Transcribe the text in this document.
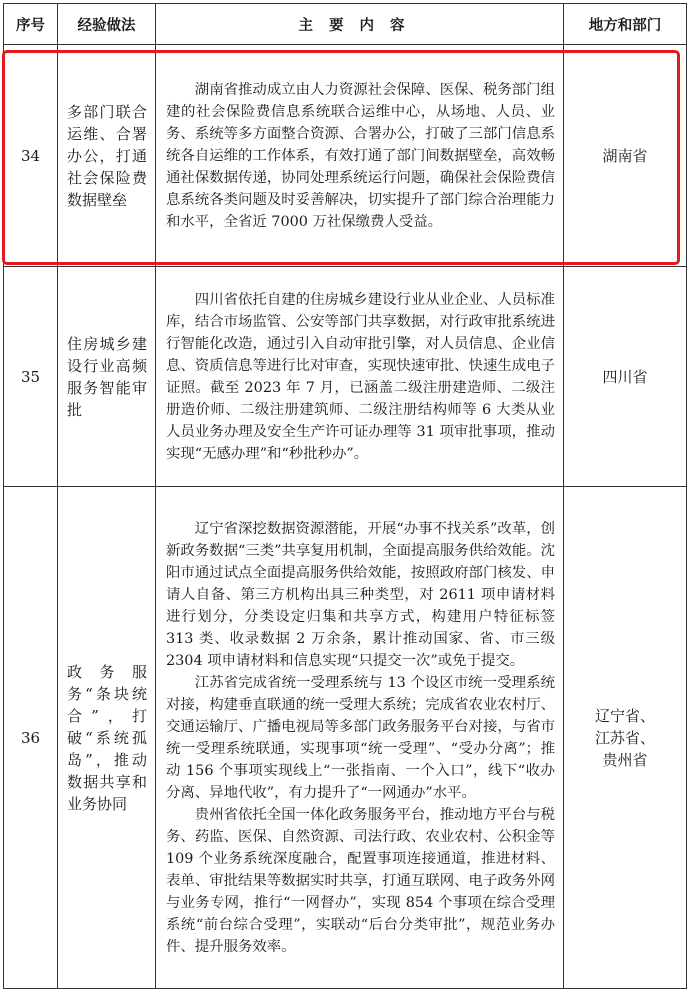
序号	经验做法	主要内容	地方和部门
34	多部门联合运维、合署办公，打通社会保险费数据壁垒	湖南省推动成立由人力资源社会保障、医保、税务部门组建的社会保险费信息系统联合运维中心，从场地、人员、业务、系统等多方面整合资源、合署办公，打破了三部门信息系统各自运维的工作体系，有效打通了部门间数据壁垒，高效畅通社保数据传递，协同处理系统运行问题，确保社会保险费信息系统各类问题及时妥善解决，切实提升了部门综合治理能力和水平，全省近 7000 万社保缴费人受益。	湖南省
35	住房城乡建设行业高频服务智能审批	四川省依托自建的住房城乡建设行业从业企业、人员标准库，结合市场监管、公安等部门共享数据，对行政审批系统进行智能化改造，通过引入自动审批引擎，对人员信息、企业信息、资质信息等进行比对审查，实现快速审批、快速生成电子证照。截至 2023 年 7 月，已涵盖二级注册建造师、二级注册造价师、二级注册建筑师、二级注册结构师等 6 大类从业人员业务办理及安全生产许可证办理等 31 项审批事项，推动实现“无感办理”和“秒批秒办”。	四川省
36	政务服务“条块统合”，打破“系统孤岛”，推动数据共享和业务协同	辽宁省深挖数据资源潜能，开展“办事不找关系”改革，创新政务数据“三类”共享复用机制，全面提高服务供给效能。沈阳市通过试点全面提高服务供给效能，按照政府部门核发、申请人自备、第三方机构出具三种类型，对 2611 项申请材料进行划分，分类设定归集和共享方式，构建用户特征标签 313 类、收录数据 2 万余条，累计推动国家、省、市三级 2304 项申请材料和信息实现“只提交一次”或免于提交。

江苏省完成省统一受理系统与 13 个设区市统一受理系统对接，构建垂直联通的统一受理大系统；完成省农业农村厅、交通运输厅、广播电视局等多部门政务服务平台对接，与省市统一受理系统联通，实现事项“统一受理”、“受办分离”；推动 156 个事项实现线上“一张指南、一个入口”，线下“收办分离、异地代收”，有力提升了“一网通办”水平。

贵州省依托全国一体化政务服务平台，推动地方平台与税务、药监、医保、自然资源、司法行政、农业农村、公积金等 109 个业务系统深度融合，配置事项连接通道，推进材料、表单、审批结果等数据实时共享，打通互联网、电子政务外网与业务专网，推行“一网督办”，实现 854 个事项在综合受理系统“前台综合受理”，实联动“后台分类审批”，规范业务办件、提升服务效率。	辽宁省、江苏省、贵州省
